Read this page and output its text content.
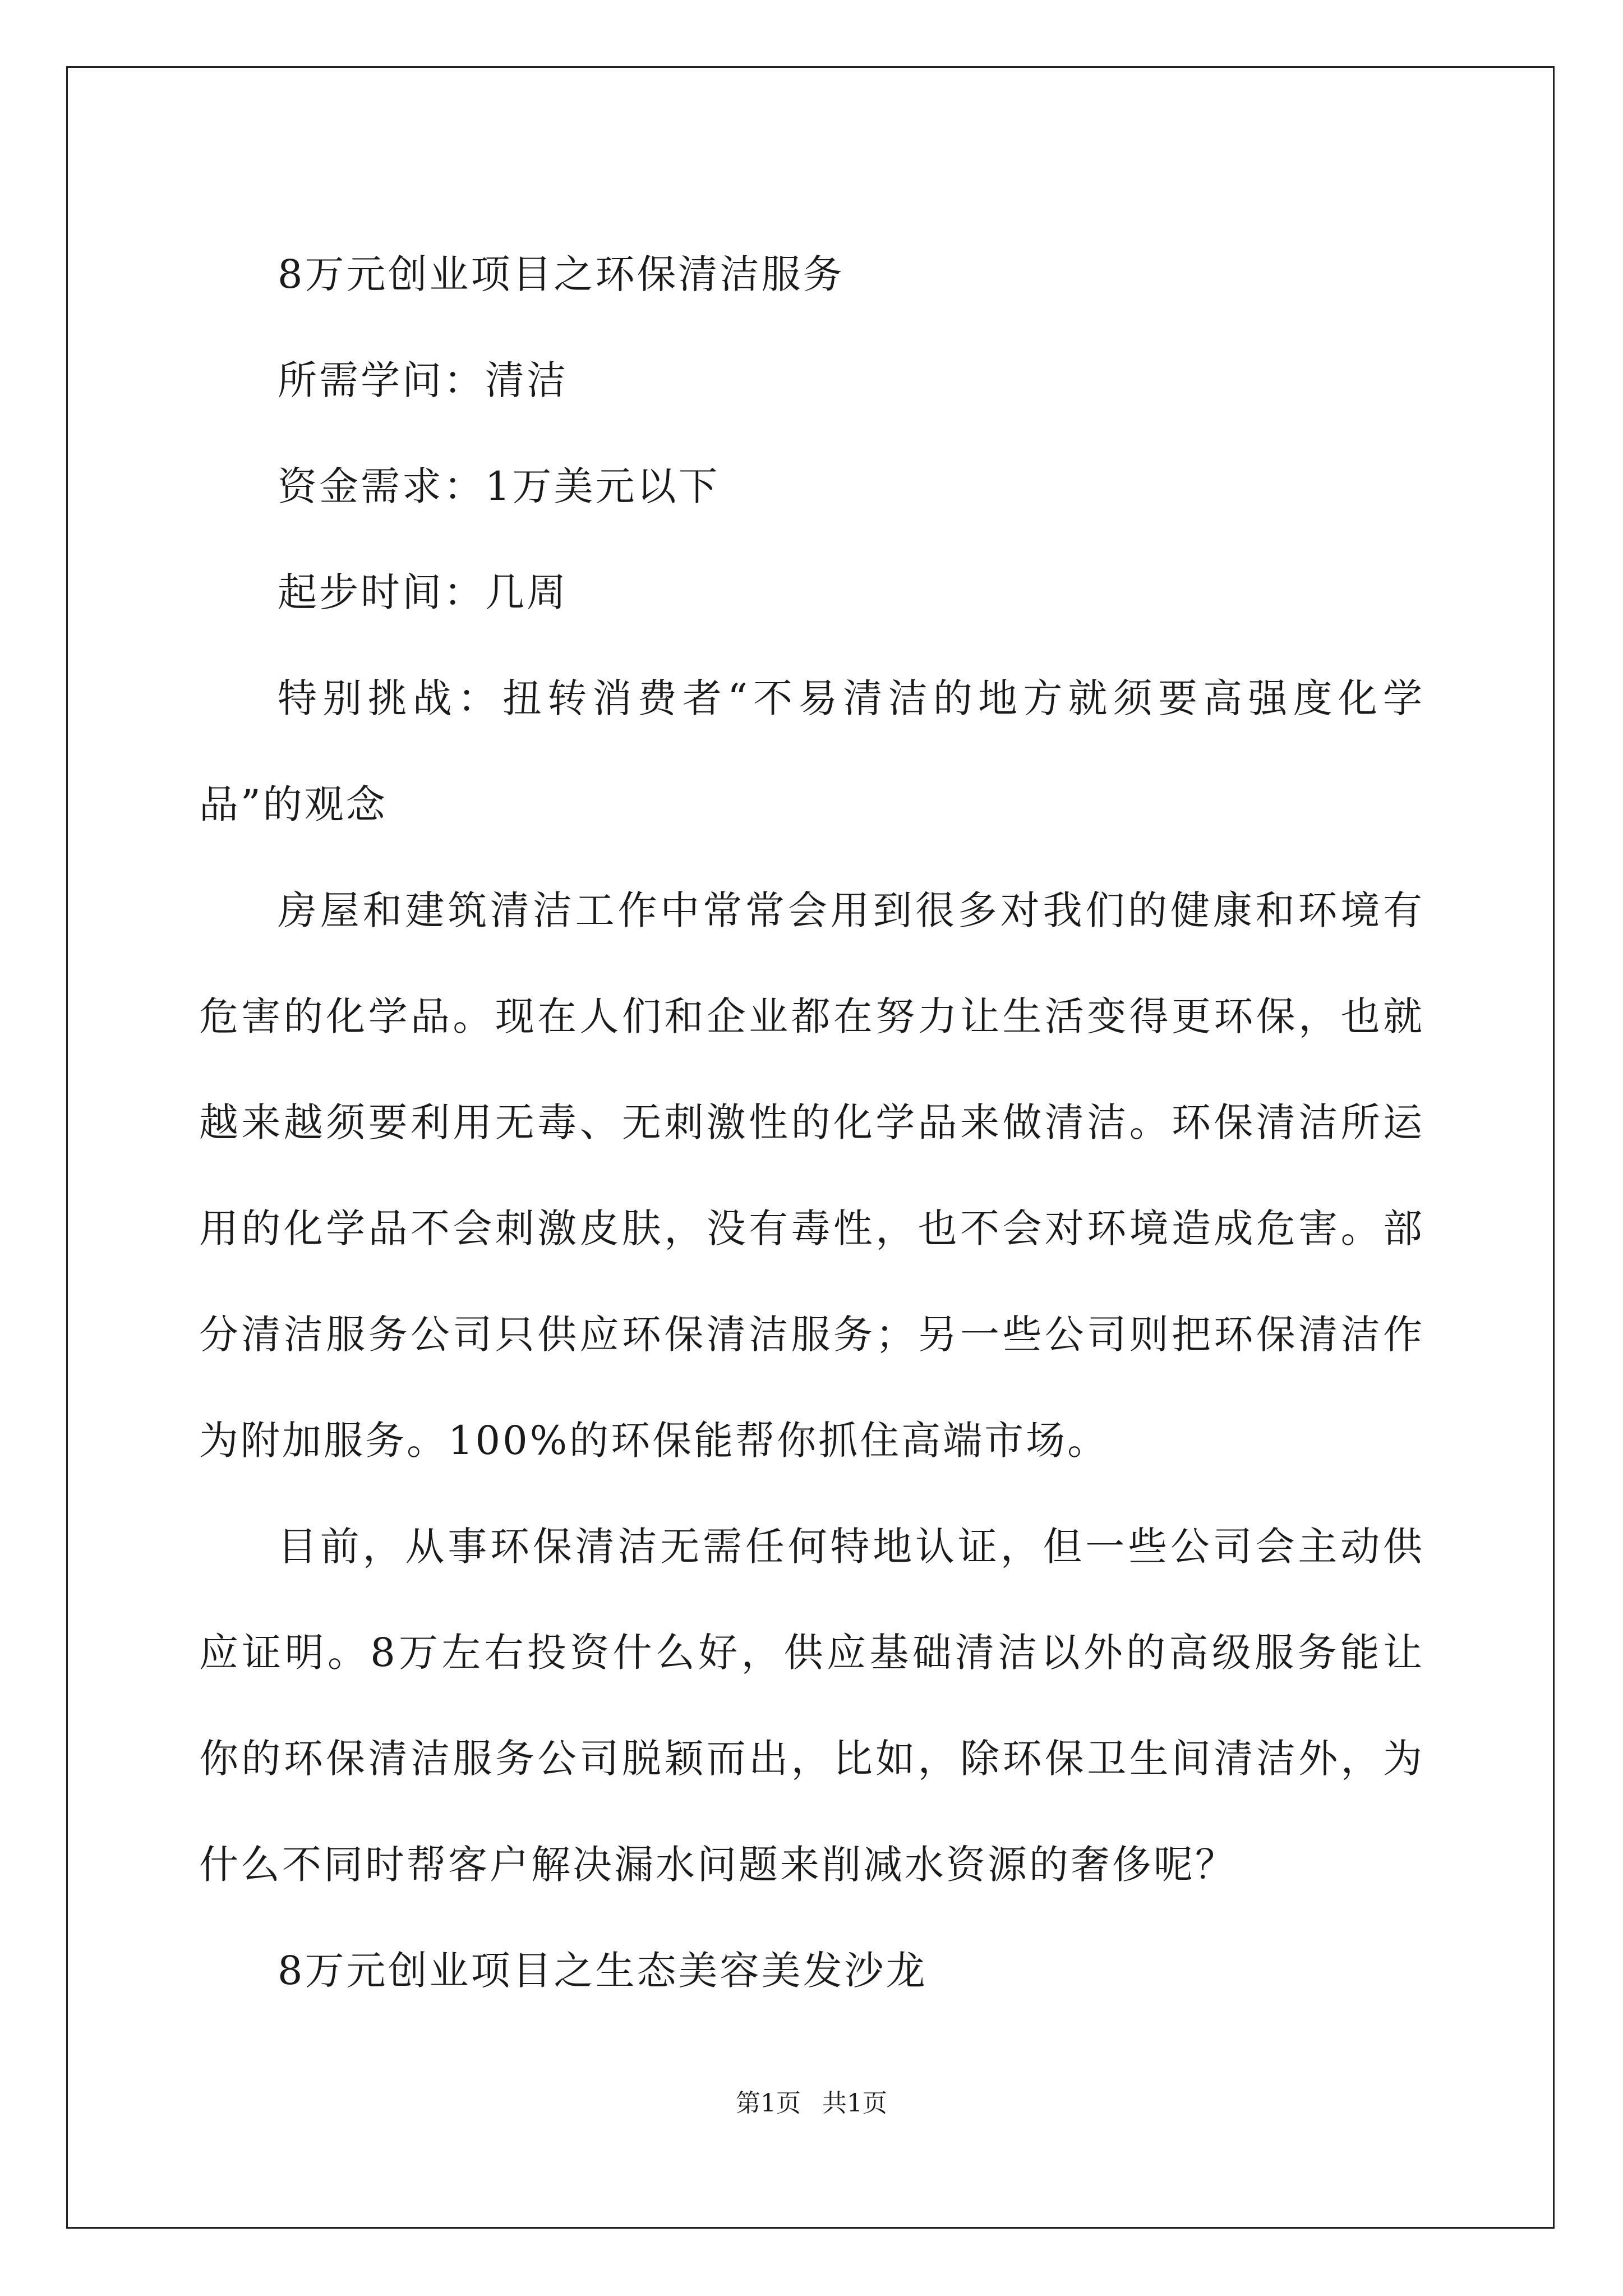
8万元创业项目之环保清洁服务

所需学问：清洁

资金需求：1万美元以下

起步时间：几周

特别挑战：扭转消费者“不易清洁的地方就须要高强度化学品”的观念

房屋和建筑清洁工作中常常会用到很多对我们的健康和环境有危害的化学品。现在人们和企业都在努力让生活变得更环保，也就越来越须要利用无毒、无刺激性的化学品来做清洁。环保清洁所运用的化学品不会刺激皮肤，没有毒性，也不会对环境造成危害。部分清洁服务公司只供应环保清洁服务；另一些公司则把环保清洁作为附加服务。100%的环保能帮你抓住高端市场。

目前，从事环保清洁无需任何特地认证，但一些公司会主动供应证明。8万左右投资什么好，供应基础清洁以外的高级服务能让你的环保清洁服务公司脱颖而出，比如，除环保卫生间清洁外，为什么不同时帮客户解决漏水问题来削减水资源的奢侈呢？

8万元创业项目之生态美容美发沙龙

第1页 共1页
